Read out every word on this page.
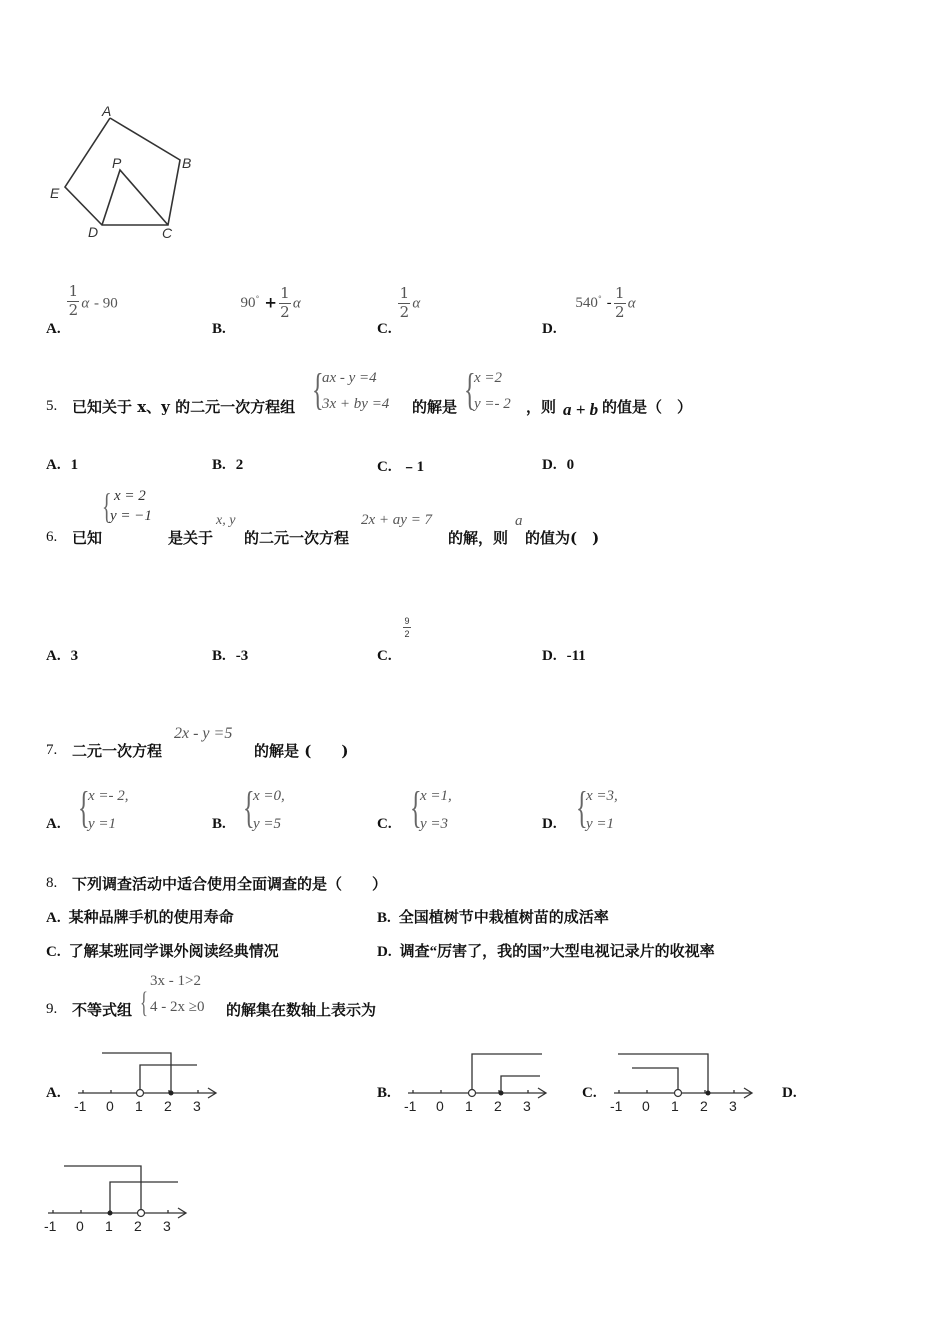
A
B
P
E
D	C
A.
$\frac{1}{2}$ α - 90
B. $90^\circ + \frac{1}{2}$ α
C.
$\frac{1}{2}$ α
D. $540^\circ - \frac{1}{2}$ α
5. 已知关于 x、y 的二元一次方程组 {
ax - y =4
3x + by =4 的解是 {
x =2
y =- 2 ，则 a + b 的值是（　）
A. 1	B. 2	C. ﹣1	D. 0
6. 已知
{ x = 2
y = −1
是关于
x, y
的二元一次方程
2x + ay = 7
的解，则
a
的值为(　)
A. 3	B. -3	C.
9
2
D. -11
7. 二元一次方程
2x - y =5
的解是 (　　)
A. {
x =- 2,
y =1	B. {
x =0,
y =5	C. {
x =1,
y =3	D. {
x =3,
y =1
8. 下列调查活动中适合使用全面调查的是（　　）
A. 某种品牌手机的使用寿命	B. 全国植树节中栽植树苗的成活率
C. 了解某班同学课外阅读经典情况	D. 调查“厉害了，我的国”大型电视记录片的收视率
9. 不等式组 {
3x - 1>2
4 - 2x ≥0 的解集在数轴上表示为
A.	B.	C.	D.
-1 0 1 2 3	-1 0 1 2 3	-1 0 1 2 3
-1 0 1 2 3
